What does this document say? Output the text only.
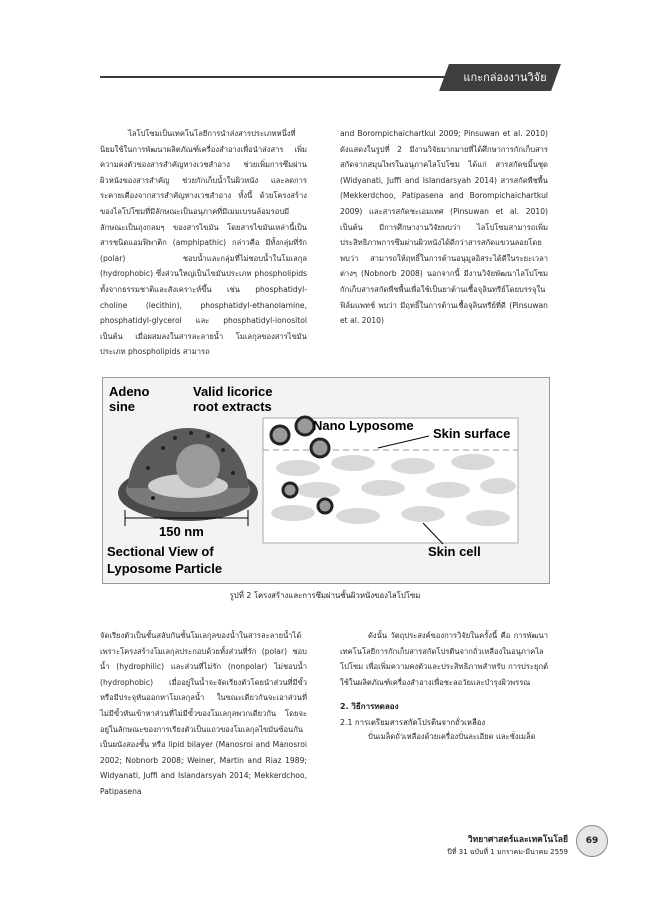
แกะกล่องงานวิจัย
ไลโปโซมเป็นเทคโนโลยีการนำส่งสารประเภทหนึ่งที่นิยมใช้ในการพัฒนาผลิตภัณฑ์เครื่องสำอางเพื่อนำส่งสาร เพิ่มความคงตัวของสารสำคัญทางเวชสำอาง ช่วยเพิ่มการซึมผ่านผิวหนังของสารสำคัญ ช่วยกักเก็บน้ำในผิวหนัง และลดการระคายเคืองจากสารสำคัญทางเวชสำอาง ทั้งนี้ ด้วยโครงสร้างของไลโปโซมที่มีลักษณะเป็นอนุภาคที่มีเมมเบรนล้อมรอบมีลักษณะเป็นถุงกลมๆ ของสารไขมัน โดยสารไขมันเหล่านี้เป็นสารชนิดแอมฟิพาติก (amphipathic) กล่าวคือ มีทั้งกลุ่มที่รัก (polar) ชอบน้ำและกลุ่มที่ไม่ชอบน้ำในโมเลกุล (hydrophobic) ซึ่งส่วนใหญ่เป็นไขมันประเภท phospholipids ทั้งจากธรรมชาติและสังเคราะห์ขึ้น เช่น phosphatidyl-choline (lecithin), phosphatidyl-ethanolamine, phosphatidyl-glycerol และ phosphatidyl-ionositol เป็นต้น เมื่อผสมลงในสารละลายน้ำ โมเลกุลของสารไขมันประเภท phospholipids สามารถ
and Borompichaichartkul 2009; Pinsuwan et al. 2010) ดังแสดงในรูปที่ 2 มีงานวิจัยมากมายที่ได้ศึกษาการกักเก็บสารสกัดจากสมุนไพรในอนุภาคไลโปโซม ได้แก่ สารสกัดขมิ้นชุด (Widyanati, Juffi and Islandarsyah 2014) สารสกัดพืชพื้น (Mekkerdchoo, Patipasena and Borompichaichartkul 2009) และสารสกัดชะเอมเทศ (Pinsuwan et al. 2010) เป็นต้น มีการศึกษางานวิจัยพบว่า ไลโปโซมสามารถเพิ่มประสิทธิภาพการซึมผ่านผิวหนังได้ดีกว่าสารสกัดแขวนลอยโดยพบว่า สามารถให้ฤทธิ์ในการต้านอนุมูลอิสระได้ดีในระยะเวลาต่างๆ (Nobnorb 2008) นอกจากนี้ มีงานวิจัยพัฒนาไลโปโซมกักเก็บสารสกัดพืชพื้นเพื่อใช้เป็นยาต้านเชื้อจุลินทรีย์โดยบรรจุในฟิล์มแพทช์ พบว่า มีฤทธิ์ในการต้านเชื้อจุลินทรีย์ที่ดี (Pinsuwan et al. 2010)
150 nm
Sectional View of
Lyposome Particle
Adeno
sine
Valid licorice
root extracts
Nano Lyposome
Skin surface
Skin cell
รูปที่ 2 โครงสร้างและการซึมผ่านชั้นผิวหนังของไลโปโซม
จัดเรียงตัวเป็นชั้นสลับกันชั้นโมเลกุลของน้ำในสารละลายน้ำได้ เพราะโครงสร้างโมเลกุลประกอบด้วยทั้งส่วนที่รัก (polar) ชอบน้ำ (hydrophilic) และส่วนที่ไม่รัก (nonpolar) ไม่ชอบน้ำ (hydrophobic) เมื่ออยู่ในน้ำจะจัดเรียงตัวโดยนำส่วนที่มีขั้วหรือมีประจุหันออกหาโมเลกุลน้ำ ในขณะเดียวกันจะเอาส่วนที่ไม่มีขั้วหันเข้าหาส่วนที่ไม่มีขั้วของโมเลกุลพวกเดียวกัน โดยจะอยู่ในลักษณะของการเรียงตัวเป็นแถวของโมเลกุลไขมันซ้อนกันเป็นผนังสองชั้น หรือ lipid bilayer (Manosroi and Manosroi 2002; Nobnorb 2008; Weiner, Martin and Riaz 1989; Widyanati, Juffi and Islandarsyah 2014; Mekkerdchoo, Patipasena
ดังนั้น วัตถุประสงค์ของการวิจัยในครั้งนี้ คือ การพัฒนาเทคโนโลยีการกักเก็บสารสกัดโปรตีนจากถั่วเหลืองในอนุภาคไลโปโซม เพื่อเพิ่มความคงตัวและประสิทธิภาพสำหรับ การประยุกต์ใช้ในผลิตภัณฑ์เครื่องสำอางเพื่อชะลอวัยและบำรุงผิวพรรณ
2. วิธีการทดลอง
2.1 การเตรียมสารสกัดโปรตีนจากถั่วเหลือง
ปั่นเมล็ดถั่วเหลืองด้วยเครื่องปั่นละเอียด และชั่งเมล็ด
วิทยาศาสตร์และเทคโนโลยี
ปีที่ 31 ฉบับที่ 1 มกราคม-มีนาคม 2559
69
